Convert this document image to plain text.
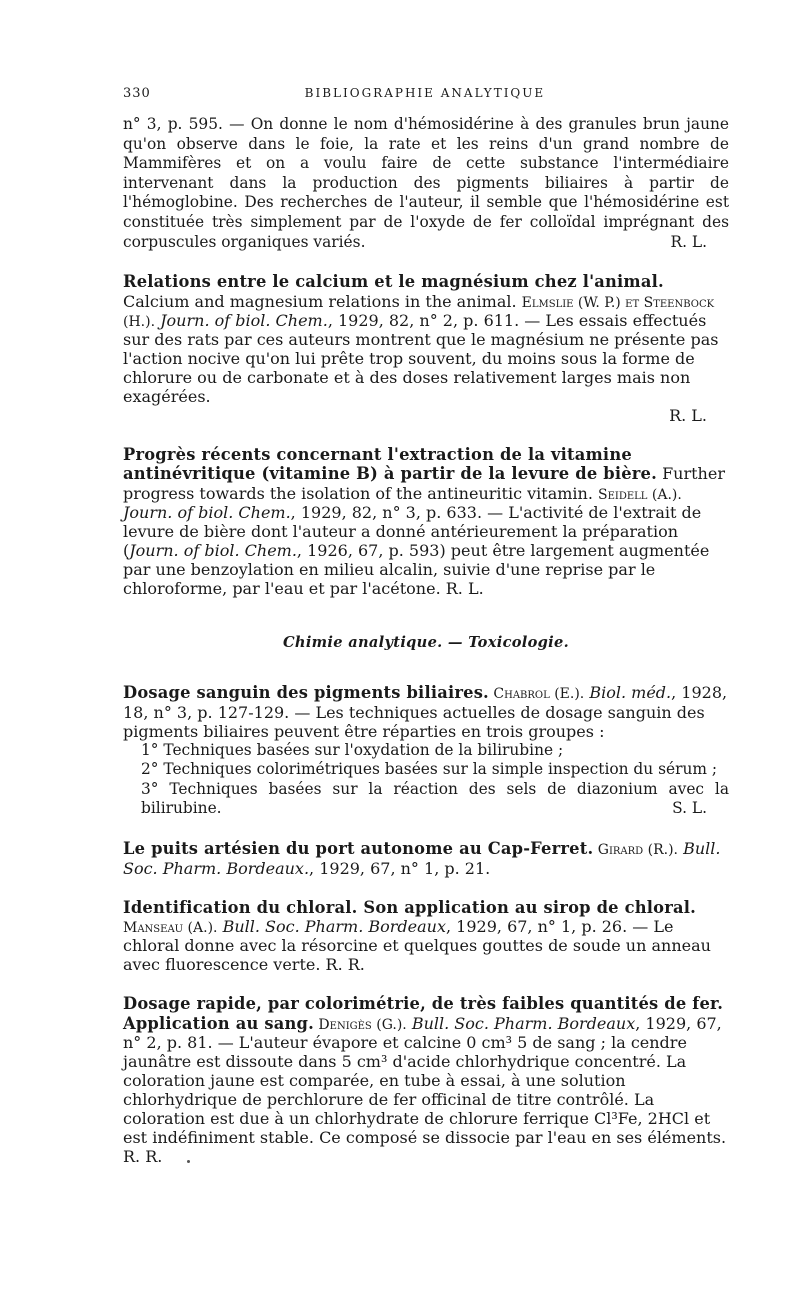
330	BIBLIOGRAPHIE ANALYTIQUE

n° 3, p. 595. — On donne le nom d'hémosidérine à des granules brun jaune qu'on observe dans le foie, la rate et les reins d'un grand nombre de Mammifères et on a voulu faire de cette substance l'intermédiaire intervenant dans la production des pigments biliaires à partir de l'hémoglobine. Des recherches de l'auteur, il semble que l'hémosidérine est constituée très simplement par de l'oxyde de fer colloïdal imprégnant des corpuscules organiques variés.	R. L.

Relations entre le calcium et le magnésium chez l'animal.
Calcium and magnesium relations in the animal. Elmslie (W. P.) et Steenbock (H.). Journ. of biol. Chem., 1929, 82, n° 2, p. 611. — Les essais effectués sur des rats par ces auteurs montrent que le magnésium ne présente pas l'action nocive qu'on lui prête trop souvent, du moins sous la forme de chlorure ou de carbonate et à des doses relativement larges mais non exagérées.

R. L.

Progrès récents concernant l'extraction de la vitamine antinévritique (vitamine B) à partir de la levure de bière. Further progress towards the isolation of the antineuritic vitamin. Seidell (A.). Journ. of biol. Chem., 1929, 82, n° 3, p. 633. — L'activité de l'extrait de levure de bière dont l'auteur a donné antérieurement la préparation (Journ. of biol. Chem., 1926, 67, p. 593) peut être largement augmentée par une benzoylation en milieu alcalin, suivie d'une reprise par le chloroforme, par l'eau et par l'acétone. R. L.

Chimie analytique. — Toxicologie.

Dosage sanguin des pigments biliaires. Chabrol (E.). Biol. méd., 1928, 18, n° 3, p. 127-129. — Les techniques actuelles de dosage sanguin des pigments biliaires peuvent être réparties en trois groupes :

1° Techniques basées sur l'oxydation de la bilirubine ;

2° Techniques colorimétriques basées sur la simple inspection du sérum ;

3° Techniques basées sur la réaction des sels de diazonium avec la bilirubine.	S. L.

Le puits artésien du port autonome au Cap-Ferret. Girard (R.). Bull. Soc. Pharm. Bordeaux., 1929, 67, n° 1, p. 21.

Identification du chloral. Son application au sirop de chloral. Manseau (A.). Bull. Soc. Pharm. Bordeaux, 1929, 67, n° 1, p. 26. — Le chloral donne avec la résorcine et quelques gouttes de soude un anneau avec fluorescence verte. R. R.

Dosage rapide, par colorimétrie, de très faibles quantités de fer. Application au sang. Denigès (G.). Bull. Soc. Pharm. Bordeaux, 1929, 67, n° 2, p. 81. — L'auteur évapore et calcine 0 cm³ 5 de sang ; la cendre jaunâtre est dissoute dans 5 cm³ d'acide chlorhydrique concentré. La coloration jaune est comparée, en tube à essai, à une solution chlorhydrique de perchlorure de fer officinal de titre contrôlé. La coloration est due à un chlorhydrate de chlorure ferrique Cl³Fe, 2HCl et est indéfiniment stable. Ce composé se dissocie par l'eau en ses éléments. R. R.
